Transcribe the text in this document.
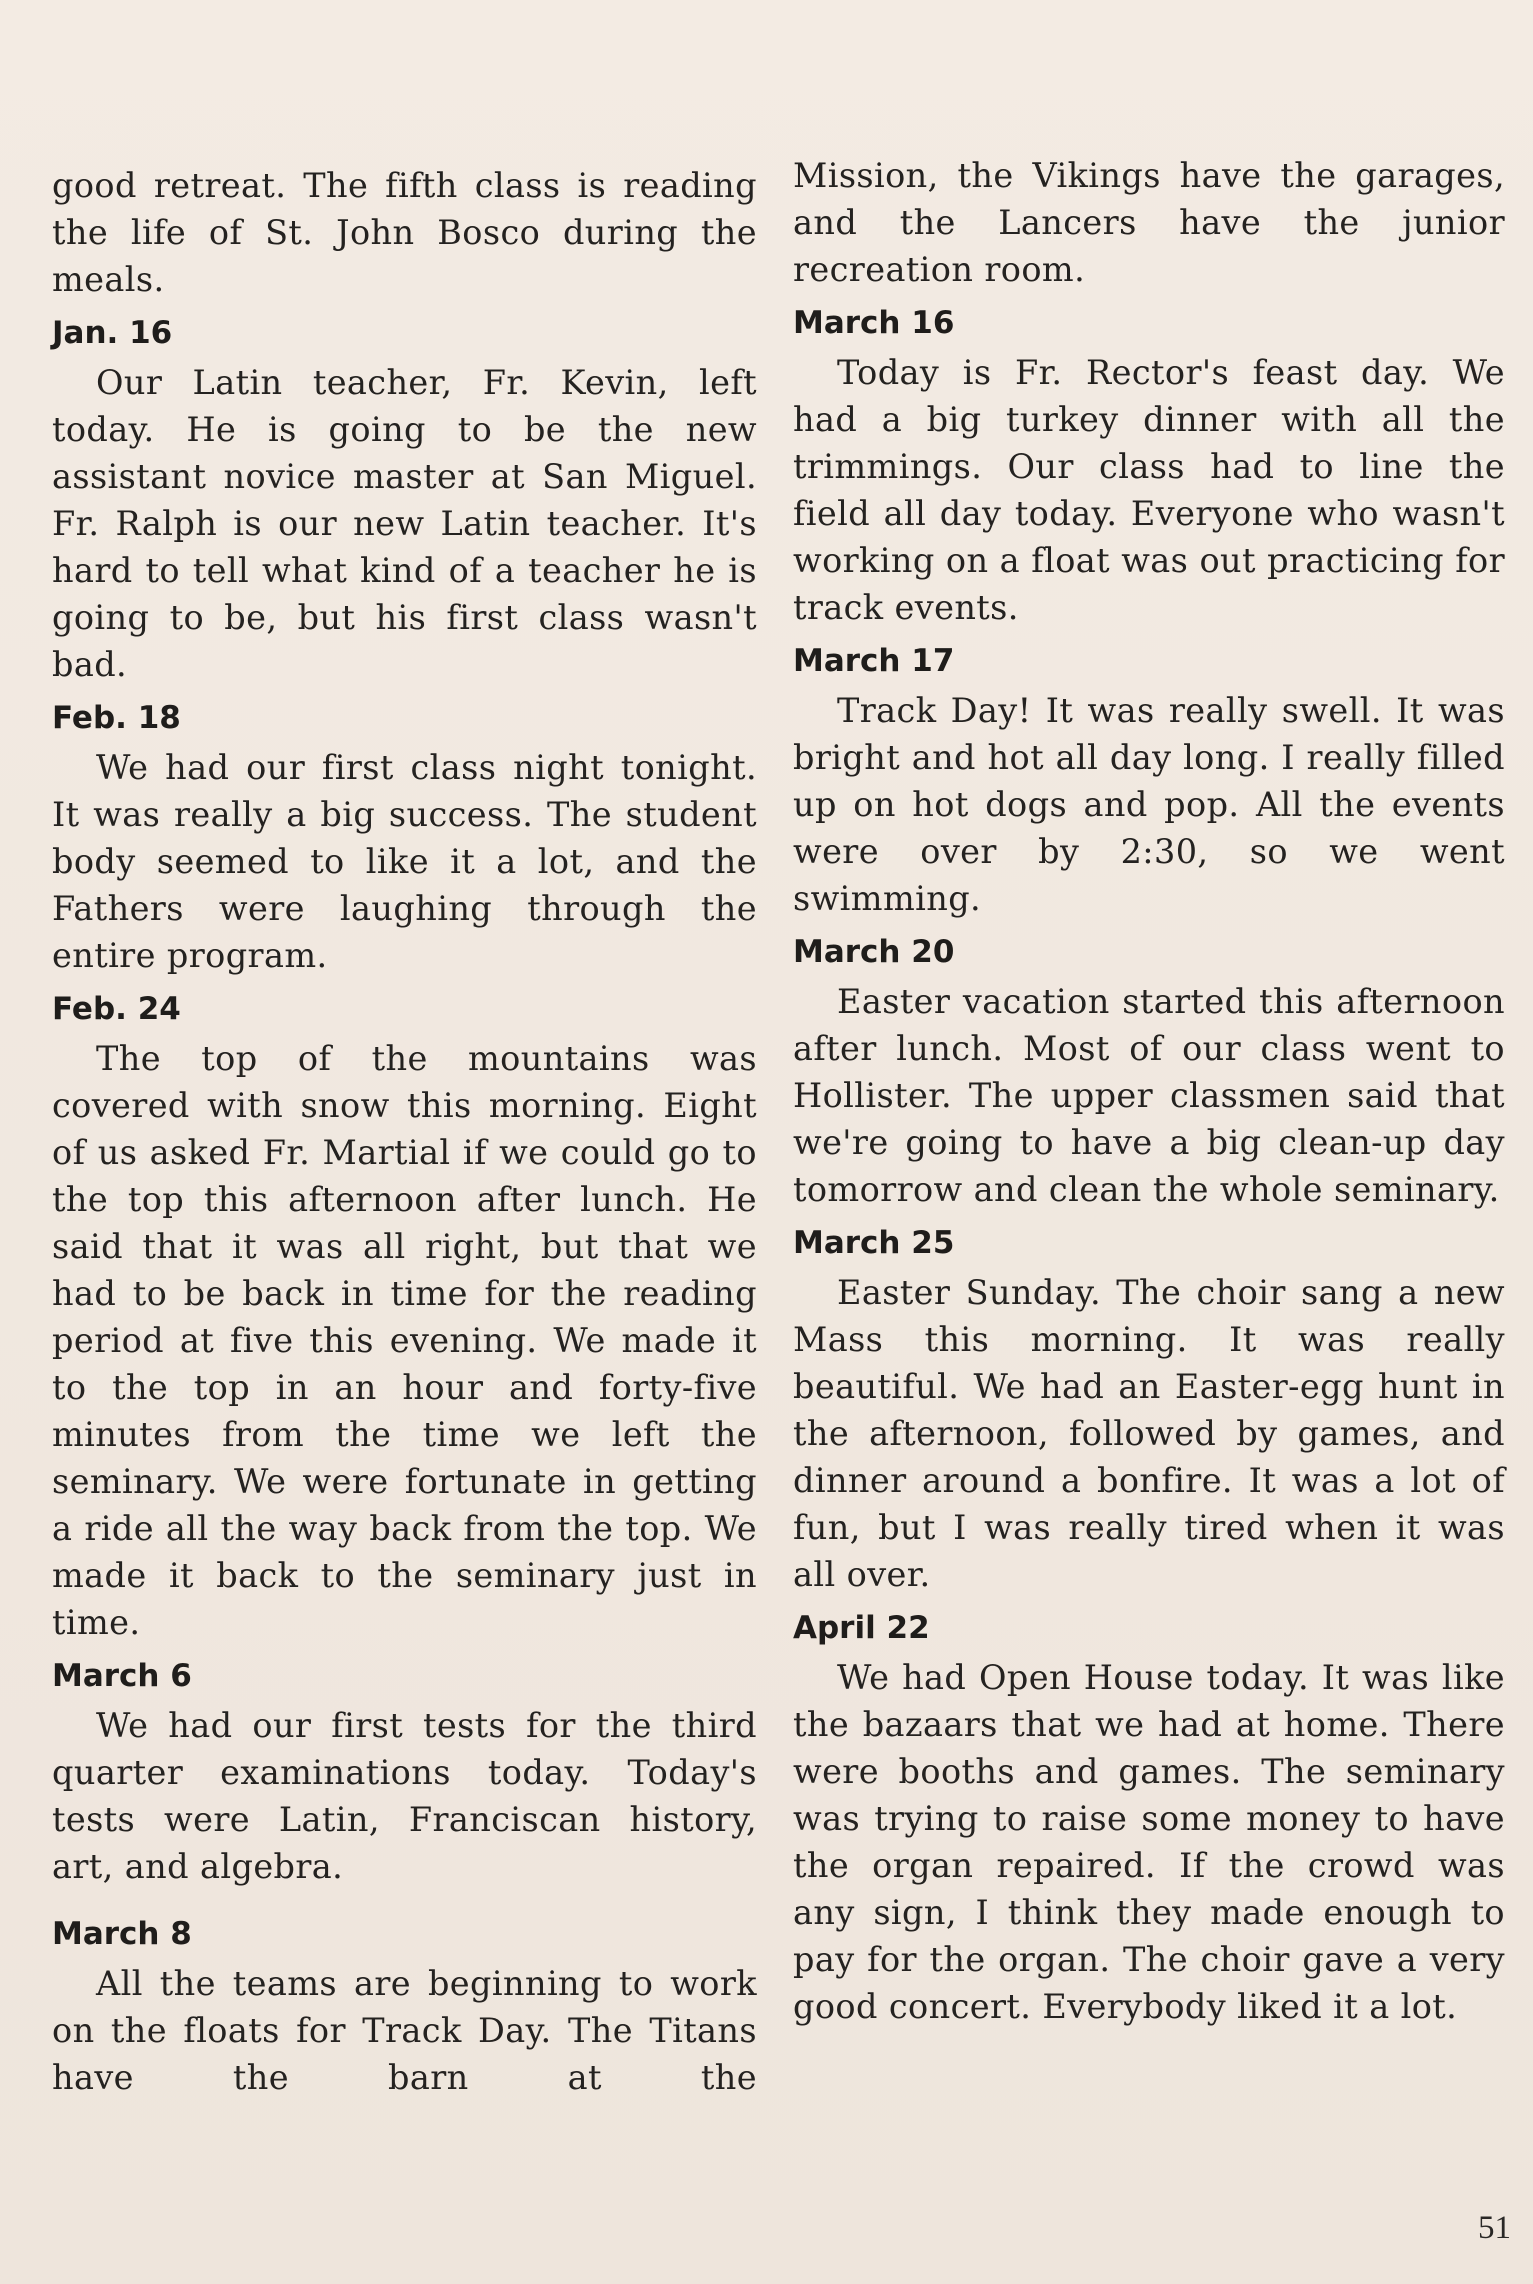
good retreat. The fifth class is reading the life of St. John Bosco during the meals.

Jan. 16

Our Latin teacher, Fr. Kevin, left today. He is going to be the new assistant novice master at San Miguel. Fr. Ralph is our new Latin teacher. It's hard to tell what kind of a teacher he is going to be, but his first class wasn't bad.

Feb. 18

We had our first class night tonight. It was really a big success. The student body seemed to like it a lot, and the Fathers were laughing through the entire program.

Feb. 24

The top of the mountains was covered with snow this morning. Eight of us asked Fr. Martial if we could go to the top this afternoon after lunch. He said that it was all right, but that we had to be back in time for the reading period at five this evening. We made it to the top in an hour and forty-five minutes from the time we left the seminary. We were fortunate in getting a ride all the way back from the top. We made it back to the seminary just in time.

March 6

We had our first tests for the third quarter examinations today. Today's tests were Latin, Franciscan history, art, and algebra.

March 8

All the teams are beginning to work on the floats for Track Day. The Titans have the barn at the

Mission, the Vikings have the garages, and the Lancers have the junior recreation room.

March 16

Today is Fr. Rector's feast day. We had a big turkey dinner with all the trimmings. Our class had to line the field all day today. Everyone who wasn't working on a float was out practicing for track events.

March 17

Track Day! It was really swell. It was bright and hot all day long. I really filled up on hot dogs and pop. All the events were over by 2:30, so we went swimming.

March 20

Easter vacation started this afternoon after lunch. Most of our class went to Hollister. The upper classmen said that we're going to have a big clean-up day tomorrow and clean the whole seminary.

March 25

Easter Sunday. The choir sang a new Mass this morning. It was really beautiful. We had an Easter-egg hunt in the afternoon, followed by games, and dinner around a bonfire. It was a lot of fun, but I was really tired when it was all over.

April 22

We had Open House today. It was like the bazaars that we had at home. There were booths and games. The seminary was trying to raise some money to have the organ repaired. If the crowd was any sign, I think they made enough to pay for the organ. The choir gave a very good concert. Everybody liked it a lot.

51
